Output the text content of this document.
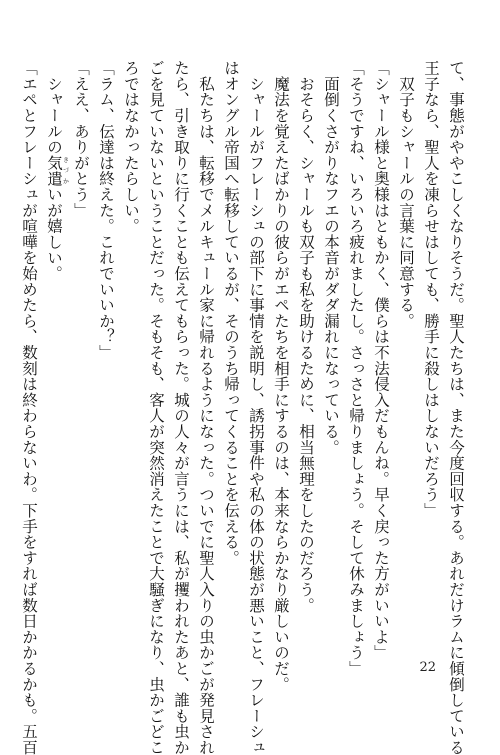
て、事態がややこしくなりそうだ。聖人たちは、また今度回収する。あれだけラムに傾倒している
王子なら、聖人を凍らせはしても、勝手に殺しはしないだろう」
　双子もシャールの言葉に同意する。
「シャール様と奥様はともかく、僕らは不法侵入だもんね。早く戻った方がいいよ」
「そうですね、いろいろ疲れましたし。さっさと帰りましょう。そして休みましょう」
　面倒くさがりなフエの本音がダダ漏れになっている。
　おそらく、シャールも双子も私を助けるために、相当無理をしたのだろう。
　魔法を覚えたばかりの彼らがエペたちを相手にするのは、本来ならかなり厳しいのだ。
　シャールがフレーシュの部下に事情を説明し、誘拐事件や私の体の状態が悪いこと、フレーシュ
はオングル帝国へ転移しているが、そのうち帰ってくることを伝える。
　私たちは、転移でメルキュール家に帰れるようになった。ついでに聖人入りの虫かごが発見され
たら、引き取りに行くことも伝えてもらった。城の人々が言うには、私が攫われたあと、誰も虫か
ごを見ていないということだった。そもそも、客人が突然消えたことで大騒ぎになり、虫かごどこ
ろではなかったらしい。
「ラム、伝達は終えた。これでいいか？」
「ええ、ありがとう」
　シャールの気遣きづかいが嬉しい。
「エペとフレーシュが喧嘩を始めたら、数刻は終わらないわ。下手をすれば数日かかるかも。五百	22
